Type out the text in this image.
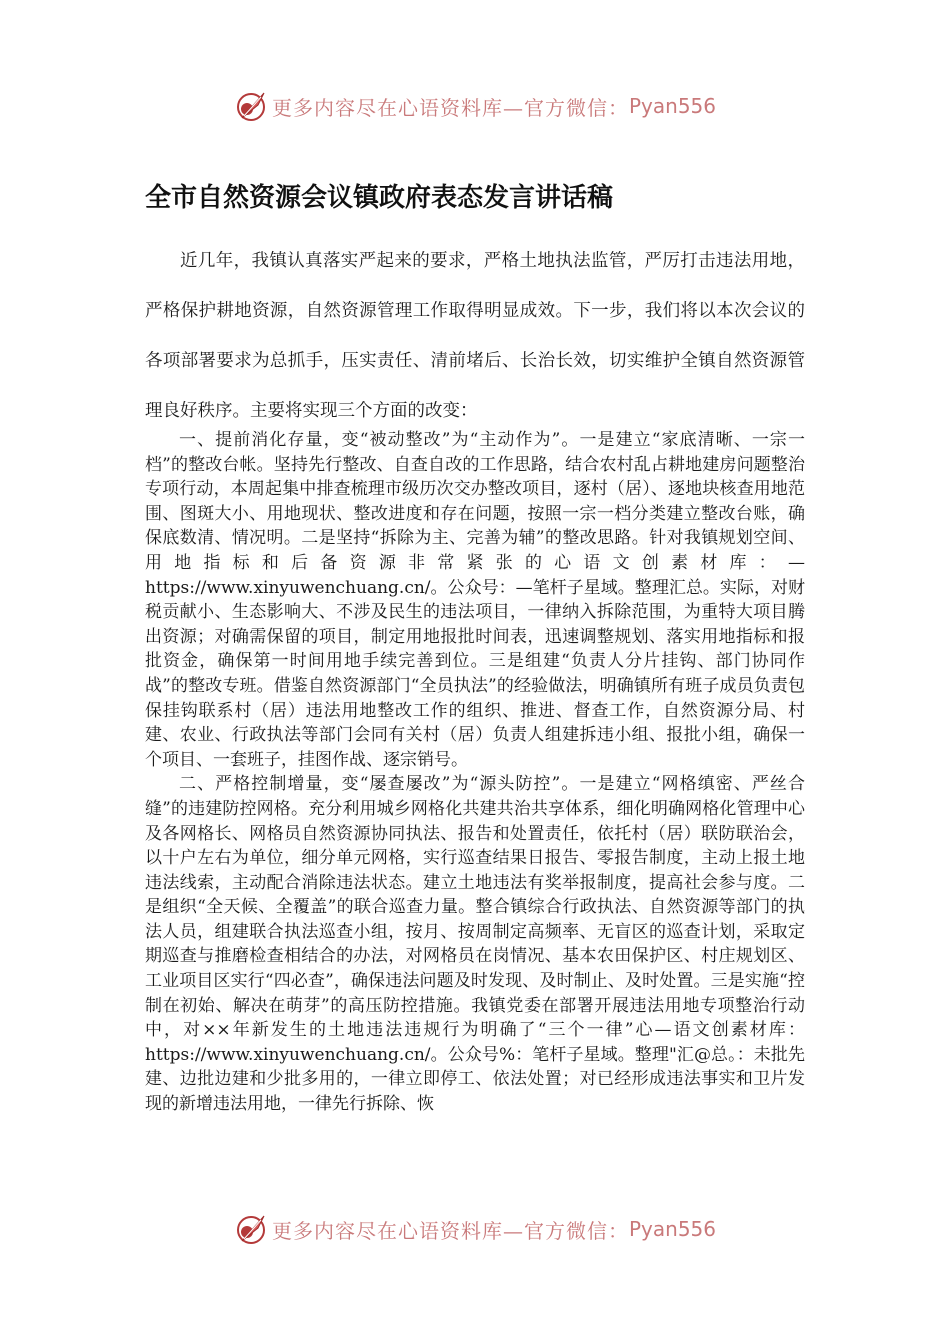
更多内容尽在心语资料库—官方微信： Pyan556
全市自然资源会议镇政府表态发言讲话稿

近几年，我镇认真落实严起来的要求，严格土地执法监管，严厉打击违法用地，严格保护耕地资源，自然资源管理工作取得明显成效。下一步，我们将以本次会议的各项部署要求为总抓手，压实责任、清前堵后、长治长效，切实维护全镇自然资源管理良好秩序。主要将实现三个方面的改变：

一、提前消化存量，变“被动整改”为“主动作为”。一是建立“家底清晰、一宗一档”的整改台帐。坚持先行整改、自查自改的工作思路，结合农村乱占耕地建房问题整治专项行动，本周起集中排查梳理市级历次交办整改项目，逐村（居）、逐地块核查用地范围、图斑大小、用地现状、整改进度和存在问题，按照一宗一档分类建立整改台账，确保底数清、情况明。二是坚持“拆除为主、完善为辅”的整改思路。针对我镇规划空间、用地指标和后备资源非常紧张的心语文创素材库：—https://www.xinyuwenchuang.cn/。公众号：—笔杆子星域。整理汇总。实际，对财税贡献小、生态影响大、不涉及民生的违法项目，一律纳入拆除范围，为重特大项目腾出资源；对确需保留的项目，制定用地报批时间表，迅速调整规划、落实用地指标和报批资金，确保第一时间用地手续完善到位。三是组建“负责人分片挂钩、部门协同作战”的整改专班。借鉴自然资源部门“全员执法”的经验做法，明确镇所有班子成员负责包保挂钩联系村（居）违法用地整改工作的组织、推进、督查工作，自然资源分局、村建、农业、行政执法等部门会同有关村（居）负责人组建拆违小组、报批小组，确保一个项目、一套班子，挂图作战、逐宗销号。

二、严格控制增量，变“屡查屡改”为“源头防控”。一是建立“网格缜密、严丝合缝”的违建防控网格。充分利用城乡网格化共建共治共享体系，细化明确网格化管理中心及各网格长、网格员自然资源协同执法、报告和处置责任，依托村（居）联防联治会，以十户左右为单位，细分单元网格，实行巡查结果日报告、零报告制度，主动上报土地违法线索，主动配合消除违法状态。建立土地违法有奖举报制度，提高社会参与度。二是组织“全天候、全覆盖”的联合巡查力量。整合镇综合行政执法、自然资源等部门的执法人员，组建联合执法巡查小组，按月、按周制定高频率、无盲区的巡查计划，采取定期巡查与推磨检查相结合的办法，对网格员在岗情况、基本农田保护区、村庄规划区、工业项目区实行“四必查”，确保违法问题及时发现、及时制止、及时处置。三是实施“控制在初始、解决在萌芽”的高压防控措施。我镇党委在部署开展违法用地专项整治行动中，对××年新发生的土地违法违规行为明确了“三个一律”心—语文创素材库：https://www.xinyuwenchuang.cn/。公众号%：笔杆子星域。整理"汇@总。：未批先建、边批边建和少批多用的，一律立即停工、依法处置；对已经形成违法事实和卫片发现的新增违法用地，一律先行拆除、恢

更多内容尽在心语资料库—官方微信： Pyan556
